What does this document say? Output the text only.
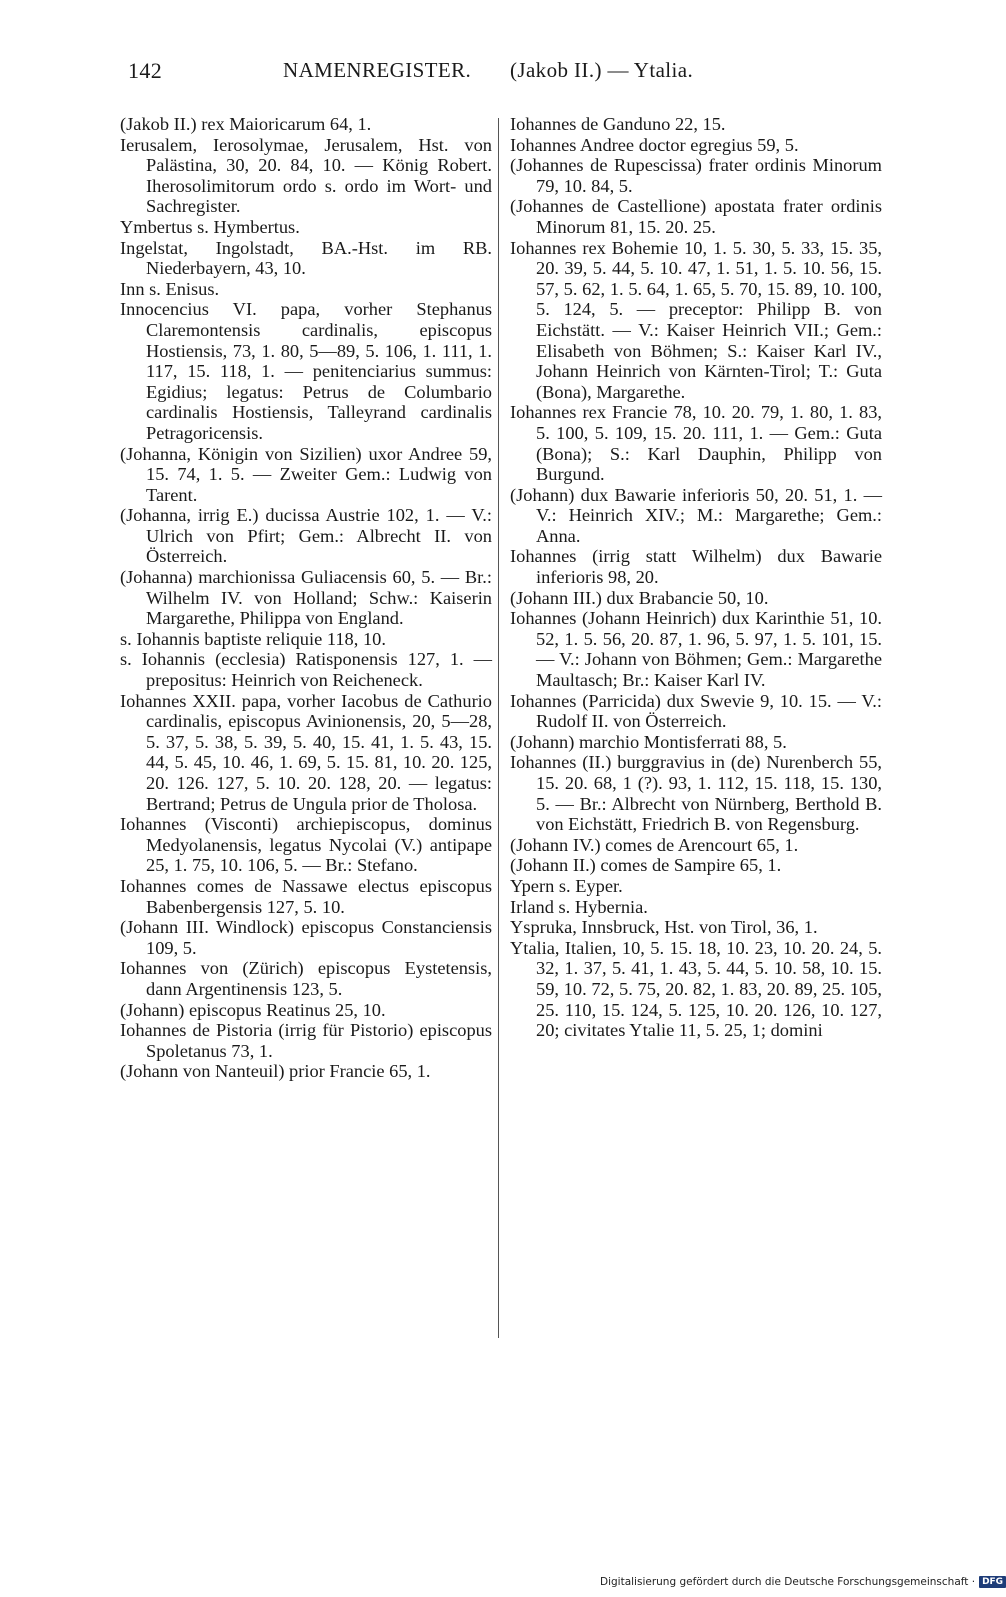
142	NAMENREGISTER. (Jakob II.) — Ytalia.

(Jakob II.) rex Maioricarum 64, 1.

Ierusalem, Ierosolymae, Jerusalem, Hst. von Palästina, 30, 20. 84, 10. — König Robert. Iherosolimitorum ordo s. ordo im Wort- und Sachregister.

Ymbertus s. Hymbertus.

Ingelstat, Ingolstadt, BA.-Hst. im RB. Niederbayern, 43, 10.

Inn s. Enisus.

Innocencius VI. papa, vorher Stephanus Claremontensis cardinalis, episcopus Hostiensis, 73, 1. 80, 5—89, 5. 106, 1. 111, 1. 117, 15. 118, 1. — penitenciarius summus: Egidius; legatus: Petrus de Columbario cardinalis Hostiensis, Talleyrand cardinalis Petragoricensis.

(Johanna, Königin von Sizilien) uxor Andree 59, 15. 74, 1. 5. — Zweiter Gem.: Ludwig von Tarent.

(Johanna, irrig E.) ducissa Austrie 102, 1. — V.: Ulrich von Pfirt; Gem.: Albrecht II. von Österreich.

(Johanna) marchionissa Guliacensis 60, 5. — Br.: Wilhelm IV. von Holland; Schw.: Kaiserin Margarethe, Philippa von England.

s. Iohannis baptiste reliquie 118, 10.

s. Iohannis (ecclesia) Ratisponensis 127, 1. — prepositus: Heinrich von Reicheneck.

Iohannes XXII. papa, vorher Iacobus de Cathurio cardinalis, episcopus Avinionensis, 20, 5—28, 5. 37, 5. 38, 5. 39, 5. 40, 15. 41, 1. 5. 43, 15. 44, 5. 45, 10. 46, 1. 69, 5. 15. 81, 10. 20. 125, 20. 126. 127, 5. 10. 20. 128, 20. — legatus: Bertrand; Petrus de Ungula prior de Tholosa.

Iohannes (Visconti) archiepiscopus, dominus Medyolanensis, legatus Nycolai (V.) antipape 25, 1. 75, 10. 106, 5. — Br.: Stefano.

Iohannes comes de Nassawe electus episcopus Babenbergensis 127, 5. 10.

(Johann III. Windlock) episcopus Constanciensis 109, 5.

Iohannes von (Zürich) episcopus Eystetensis, dann Argentinensis 123, 5.

(Johann) episcopus Reatinus 25, 10.

Iohannes de Pistoria (irrig für Pistorio) episcopus Spoletanus 73, 1.

(Johann von Nanteuil) prior Francie 65, 1.

Iohannes de Ganduno 22, 15.

Iohannes Andree doctor egregius 59, 5.

(Johannes de Rupescissa) frater ordinis Minorum 79, 10. 84, 5.

(Johannes de Castellione) apostata frater ordinis Minorum 81, 15. 20. 25.

Iohannes rex Bohemie 10, 1. 5. 30, 5. 33, 15. 35, 20. 39, 5. 44, 5. 10. 47, 1. 51, 1. 5. 10. 56, 15. 57, 5. 62, 1. 5. 64, 1. 65, 5. 70, 15. 89, 10. 100, 5. 124, 5. — preceptor: Philipp B. von Eichstätt. — V.: Kaiser Heinrich VII.; Gem.: Elisabeth von Böhmen; S.: Kaiser Karl IV., Johann Heinrich von Kärnten-Tirol; T.: Guta (Bona), Margarethe.

Iohannes rex Francie 78, 10. 20. 79, 1. 80, 1. 83, 5. 100, 5. 109, 15. 20. 111, 1. — Gem.: Guta (Bona); S.: Karl Dauphin, Philipp von Burgund.

(Johann) dux Bawarie inferioris 50, 20. 51, 1. — V.: Heinrich XIV.; M.: Margarethe; Gem.: Anna.

Iohannes (irrig statt Wilhelm) dux Bawarie inferioris 98, 20.

(Johann III.) dux Brabancie 50, 10.

Iohannes (Johann Heinrich) dux Karinthie 51, 10. 52, 1. 5. 56, 20. 87, 1. 96, 5. 97, 1. 5. 101, 15. — V.: Johann von Böhmen; Gem.: Margarethe Maultasch; Br.: Kaiser Karl IV.

Iohannes (Parricida) dux Swevie 9, 10. 15. — V.: Rudolf II. von Österreich.

(Johann) marchio Montisferrati 88, 5.

Iohannes (II.) burggravius in (de) Nurenberch 55, 15. 20. 68, 1 (?). 93, 1. 112, 15. 118, 15. 130, 5. — Br.: Albrecht von Nürnberg, Berthold B. von Eichstätt, Friedrich B. von Regensburg.

(Johann IV.) comes de Arencourt 65, 1.

(Johann II.) comes de Sampire 65, 1.

Ypern s. Eyper.

Irland s. Hybernia.

Yspruka, Innsbruck, Hst. von Tirol, 36, 1.

Ytalia, Italien, 10, 5. 15. 18, 10. 23, 10. 20. 24, 5. 32, 1. 37, 5. 41, 1. 43, 5. 44, 5. 10. 58, 10. 15. 59, 10. 72, 5. 75, 20. 82, 1. 83, 20. 89, 25. 105, 25. 110, 15. 124, 5. 125, 10. 20. 126, 10. 127, 20; civitates Ytalie 11, 5. 25, 1; domini

Digitalisierung gefördert durch die Deutsche Forschungsgemeinschaft · DFG
